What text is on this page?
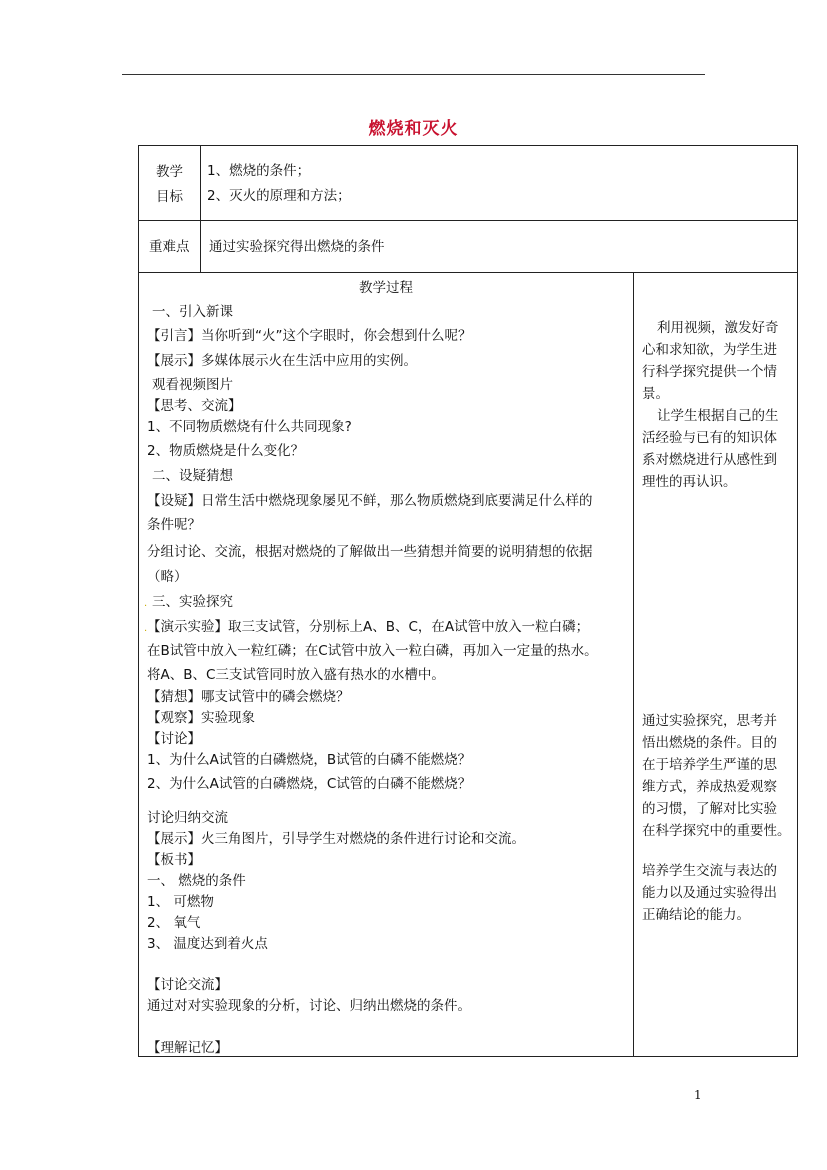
燃烧和灭火
教学
目标
1、燃烧的条件；
2、灭火的原理和方法；
重难点 通过实验探究得出燃烧的条件
教学过程
一、引入新课
【引言】当你听到“火”这个字眼时，你会想到什么呢？
【展示】多媒体展示火在生活中应用的实例。
观看视频图片
【思考、交流】
1、不同物质燃烧有什么共同现象?
2、物质燃烧是什么变化？
二、设疑猜想
【设疑】日常生活中燃烧现象屡见不鲜，那么物质燃烧到底要满足什么样的
条件呢？
分组讨论、交流，根据对燃烧的了解做出一些猜想并简要的说明猜想的依据
（略）
三、实验探究
【演示实验】取三支试管，分别标上A、B、C，在A试管中放入一粒白磷；
在B试管中放入一粒红磷；在C试管中放入一粒白磷，再加入一定量的热水。
将A、B、C三支试管同时放入盛有热水的水槽中。
【猜想】哪支试管中的磷会燃烧？
【观察】实验现象
【讨论】
1、为什么A试管的白磷燃烧，B试管的白磷不能燃烧？
2、为什么A试管的白磷燃烧，C试管的白磷不能燃烧？
讨论归纳交流
【展示】火三角图片，引导学生对燃烧的条件进行讨论和交流。
【板书】
一、 燃烧的条件
1、 可燃物
2、 氧气
3、 温度达到着火点
【讨论交流】
通过对对实验现象的分析，讨论、归纳出燃烧的条件。
【理解记忆】
.
.
利用视频，激发好奇
心和求知欲，为学生进
行科学探究提供一个情
景。
让学生根据自己的生
活经验与已有的知识体
系对燃烧进行从感性到
理性的再认识。
通过实验探究，思考并
悟出燃烧的条件。目的
在于培养学生严谨的思
维方式，养成热爱观察
的习惯，了解对比实验
在科学探究中的重要性。
培养学生交流与表达的
能力以及通过实验得出
正确结论的能力。
1
